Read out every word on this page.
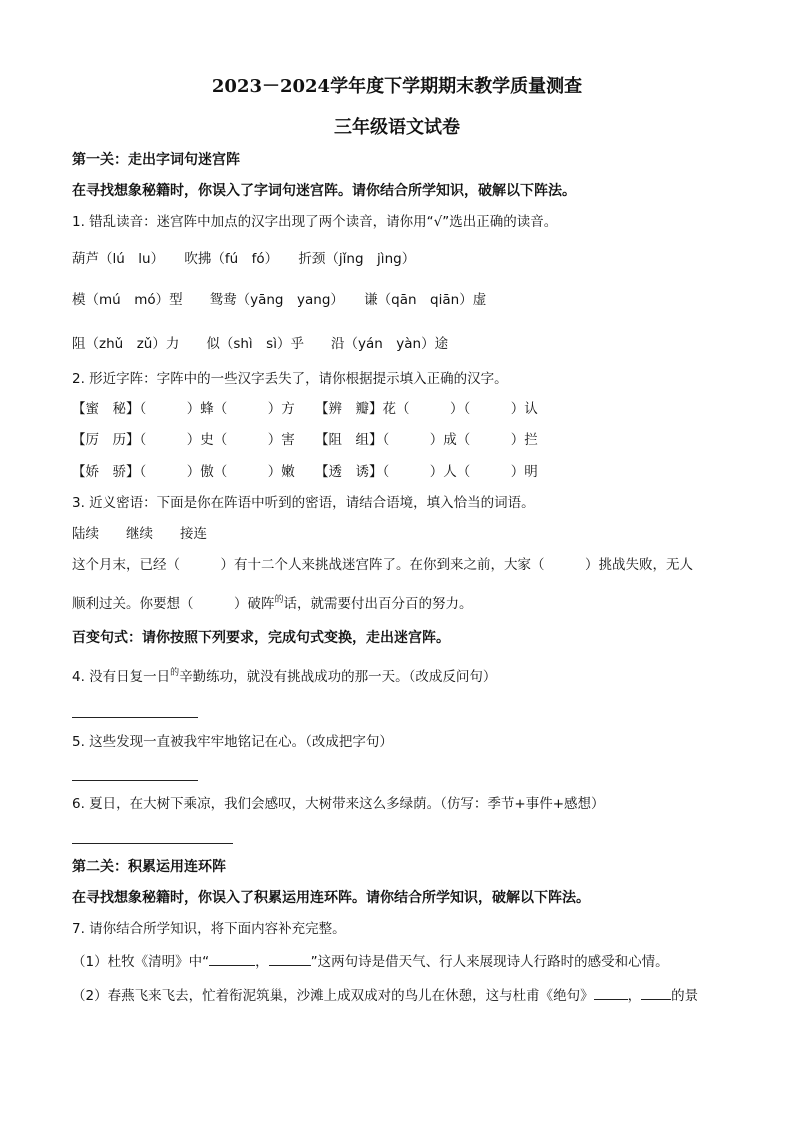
2023－2024学年度下学期期末教学质量测查
三年级语文试卷
第一关：走出字词句迷宫阵
在寻找想象秘籍时，你误入了字词句迷宫阵。请你结合所学知识，破解以下阵法。
1. 错乱读音：迷宫阵中加点的汉字出现了两个读音，请你用“√”选出正确的读音。
葫芦（lú　lu）　　吹拂（fú　fó）　　折颈（jǐng　jìng）
模（mú　mó）型　　鸳鸯（yāng　yang）　　谦（qān　qiān）虚
阻（zhǔ　zǔ）力　　似（shì　sì）乎　　沿（yán　yàn）途
2. 形近字阵：字阵中的一些汉字丢失了，请你根据提示填入正确的汉字。
【蜜　秘】（　　　）蜂（　　　）方　　【辨　瓣】花（　　　）（　　　）认
【厉　历】（　　　）史（　　　）害　　【阻　组】（　　　）成（　　　）拦
【娇　骄】（　　　）傲（　　　）嫩　　【透　诱】（　　　）人（　　　）明
3. 近义密语：下面是你在阵语中听到的密语，请结合语境，填入恰当的词语。
陆续　　继续　　接连
这个月末，已经（　　　）有十二个人来挑战迷宫阵了。在你到来之前，大家（　　　）挑战失败，无人
顺利过关。你要想（　　　）破阵$^的$话，就需要付出百分百的努力。
百变句式：请你按照下列要求，完成句式变换，走出迷宫阵。
4. 没有日复一日$^的$辛勤练功，就没有挑战成功的那一天。（改成反问句）
5. 这些发现一直被我牢牢地铭记在心。（改成把字句）
6. 夏日，在大树下乘凉，我们会感叹，大树带来这么多绿荫。（仿写：季节+事件+感想）
第二关：积累运用连环阵
在寻找想象秘籍时，你误入了积累运用连环阵。请你结合所学知识，破解以下阵法。
7. 请你结合所学知识，将下面内容补充完整。
（1）杜牧《清明》中“	，	”这两句诗是借天气、行人来展现诗人行路时的感受和心情。
（2）春燕飞来飞去，忙着衔泥筑巢，沙滩上成双成对的鸟儿在休憩，这与杜甫《绝句》	， 的景
